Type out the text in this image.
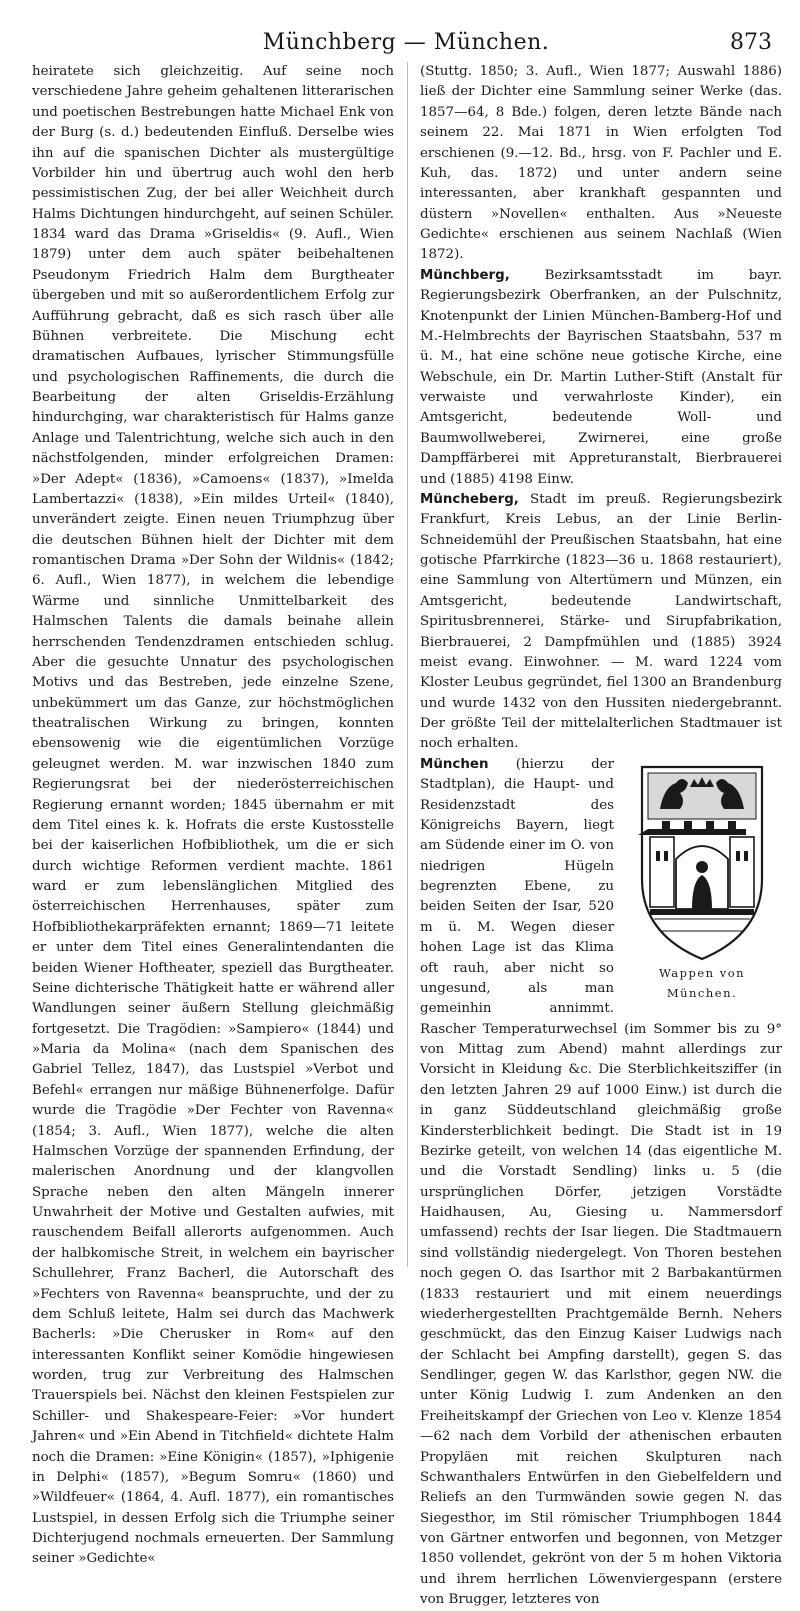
Münchberg — München.	873

heiratete sich gleichzeitig. Auf seine noch verschiedene Jahre geheim gehaltenen litterarischen und poetischen Bestrebungen hatte Michael Enk von der Burg (s. d.) bedeutenden Einfluß. Derselbe wies ihn auf die spanischen Dichter als mustergültige Vorbilder hin und übertrug auch wohl den herb pessimistischen Zug, der bei aller Weichheit durch Halms Dichtungen hindurchgeht, auf seinen Schüler. 1834 ward das Drama »Griseldis« (9. Aufl., Wien 1879) unter dem auch später beibehaltenen Pseudonym Friedrich Halm dem Burgtheater übergeben und mit so außerordentlichem Erfolg zur Aufführung gebracht, daß es sich rasch über alle Bühnen verbreitete. Die Mischung echt dramatischen Aufbaues, lyrischer Stimmungsfülle und psychologischen Raffinements, die durch die Bearbeitung der alten Griseldis-Erzählung hindurchging, war charakteristisch für Halms ganze Anlage und Talentrichtung, welche sich auch in den nächstfolgenden, minder erfolgreichen Dramen: »Der Adept« (1836), »Camoens« (1837), »Imelda Lambertazzi« (1838), »Ein mildes Urteil« (1840), unverändert zeigte. Einen neuen Triumphzug über die deutschen Bühnen hielt der Dichter mit dem romantischen Drama »Der Sohn der Wildnis« (1842; 6. Aufl., Wien 1877), in welchem die lebendige Wärme und sinnliche Unmittelbarkeit des Halmschen Talents die damals beinahe allein herrschenden Tendenzdramen entschieden schlug. Aber die gesuchte Unnatur des psychologischen Motivs und das Bestreben, jede einzelne Szene, unbekümmert um das Ganze, zur höchstmöglichen theatralischen Wirkung zu bringen, konnten ebensowenig wie die eigentümlichen Vorzüge geleugnet werden. M. war inzwischen 1840 zum Regierungsrat bei der niederösterreichischen Regierung ernannt worden; 1845 übernahm er mit dem Titel eines k. k. Hofrats die erste Kustosstelle bei der kaiserlichen Hofbibliothek, um die er sich durch wichtige Reformen verdient machte. 1861 ward er zum lebenslänglichen Mitglied des österreichischen Herrenhauses, später zum Hofbibliothekarpräfekten ernannt; 1869—71 leitete er unter dem Titel eines Generalintendanten die beiden Wiener Hoftheater, speziell das Burgtheater. Seine dichterische Thätigkeit hatte er während aller Wandlungen seiner äußern Stellung gleichmäßig fortgesetzt. Die Tragödien: »Sampiero« (1844) und »Maria da Molina« (nach dem Spanischen des Gabriel Tellez, 1847), das Lustspiel »Verbot und Befehl« errangen nur mäßige Bühnenerfolge. Dafür wurde die Tragödie »Der Fechter von Ravenna« (1854; 3. Aufl., Wien 1877), welche die alten Halmschen Vorzüge der spannenden Erfindung, der malerischen Anordnung und der klangvollen Sprache neben den alten Mängeln innerer Unwahrheit der Motive und Gestalten aufwies, mit rauschendem Beifall allerorts aufgenommen. Auch der halbkomische Streit, in welchem ein bayrischer Schullehrer, Franz Bacherl, die Autorschaft des »Fechters von Ravenna« beanspruchte, und der zu dem Schluß leitete, Halm sei durch das Machwerk Bacherls: »Die Cherusker in Rom« auf den interessanten Konflikt seiner Komödie hingewiesen worden, trug zur Verbreitung des Halmschen Trauerspiels bei. Nächst den kleinen Festspielen zur Schiller- und Shakespeare-Feier: »Vor hundert Jahren« und »Ein Abend in Titchfield« dichtete Halm noch die Dramen: »Eine Königin« (1857), »Iphigenie in Delphi« (1857), »Begum Somru« (1860) und »Wildfeuer« (1864, 4. Aufl. 1877), ein romantisches Lustspiel, in dessen Erfolg sich die Triumphe seiner Dichterjugend nochmals erneuerten. Der Sammlung seiner »Gedichte«

(Stuttg. 1850; 3. Aufl., Wien 1877; Auswahl 1886) ließ der Dichter eine Sammlung seiner Werke (das. 1857—64, 8 Bde.) folgen, deren letzte Bände nach seinem 22. Mai 1871 in Wien erfolgten Tod erschienen (9.—12. Bd., hrsg. von F. Pachler und E. Kuh, das. 1872) und unter andern seine interessanten, aber krankhaft gespannten und düstern »Novellen« enthalten. Aus »Neueste Gedichte« erschienen aus seinem Nachlaß (Wien 1872).

Münchberg, Bezirksamtsstadt im bayr. Regierungsbezirk Oberfranken, an der Pulschnitz, Knotenpunkt der Linien München-Bamberg-Hof und M.-Helmbrechts der Bayrischen Staatsbahn, 537 m ü. M., hat eine schöne neue gotische Kirche, eine Webschule, ein Dr. Martin Luther-Stift (Anstalt für verwaiste und verwahrloste Kinder), ein Amtsgericht, bedeutende Woll- und Baumwollweberei, Zwirnerei, eine große Dampffärberei mit Appreturanstalt, Bierbrauerei und (1885) 4198 Einw.

Müncheberg, Stadt im preuß. Regierungsbezirk Frankfurt, Kreis Lebus, an der Linie Berlin-Schneidemühl der Preußischen Staatsbahn, hat eine gotische Pfarrkirche (1823—36 u. 1868 restauriert), eine Sammlung von Altertümern und Münzen, ein Amtsgericht, bedeutende Landwirtschaft, Spiritusbrennerei, Stärke- und Sirupfabrikation, Bierbrauerei, 2 Dampfmühlen und (1885) 3924 meist evang. Einwohner. — M. ward 1224 vom Kloster Leubus gegründet, fiel 1300 an Brandenburg und wurde 1432 von den Hussiten niedergebrannt. Der größte Teil der mittelalterlichen Stadtmauer ist noch erhalten.

München
Wappen von
München.
(hierzu der Stadtplan), die Haupt- und Residenzstadt des Königreichs Bayern, liegt am Südende einer im O. von niedrigen Hügeln begrenzten Ebene, zu beiden Seiten der Isar, 520 m ü. M. Wegen dieser hohen Lage ist das Klima oft rauh, aber nicht so ungesund, als man gemeinhin annimmt. Rascher Temperaturwechsel (im Sommer bis zu 9° von Mittag zum Abend) mahnt allerdings zur Vorsicht in Kleidung &c. Die Sterblichkeitsziffer (in den letzten Jahren 29 auf 1000 Einw.) ist durch die in ganz Süddeutschland gleichmäßig große Kindersterblichkeit bedingt. Die Stadt ist in 19 Bezirke geteilt, von welchen 14 (das eigentliche M. und die Vorstadt Sendling) links u. 5 (die ursprünglichen Dörfer, jetzigen Vorstädte Haidhausen, Au, Giesing u. Nammersdorf umfassend) rechts der Isar liegen. Die Stadtmauern sind vollständig niedergelegt. Von Thoren bestehen noch gegen O. das Isarthor mit 2 Barbakantürmen (1833 restauriert und mit einem neuerdings wiederhergestellten Prachtgemälde Bernh. Nehers geschmückt, das den Einzug Kaiser Ludwigs nach der Schlacht bei Ampfing darstellt), gegen S. das Sendlinger, gegen W. das Karlsthor, gegen NW. die unter König Ludwig I. zum Andenken an den Freiheitskampf der Griechen von Leo v. Klenze 1854—62 nach dem Vorbild der athenischen erbauten Propyläen mit reichen Skulpturen nach Schwanthalers Entwürfen in den Giebelfeldern und Reliefs an den Turmwänden sowie gegen N. das Siegesthor, im Stil römischer Triumphbogen 1844 von Gärtner entworfen und begonnen, von Metzger 1850 vollendet, gekrönt von der 5 m hohen Viktoria und ihrem herrlichen Löwenviergespann (erstere von Brugger, letzteres von
